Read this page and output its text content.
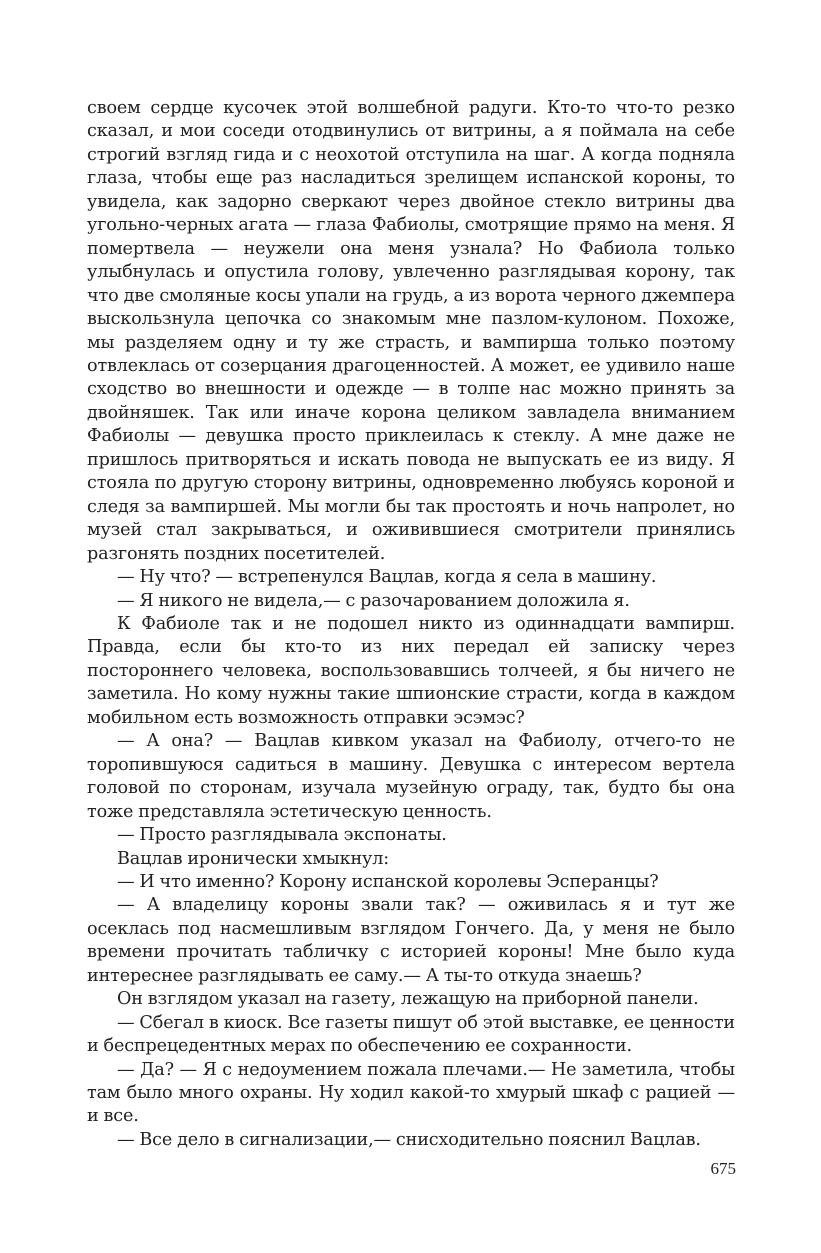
своем сердце кусочек этой волшебной радуги. Кто-то что-то резко сказал, и мои соседи отодвинулись от витрины, а я поймала на себе строгий взгляд гида и с неохотой отступила на шаг. А когда подняла глаза, чтобы еще раз насладиться зрелищем испанской короны, то увидела, как задорно сверкают через двойное стекло витрины два угольно-черных агата — глаза Фабиолы, смотрящие прямо на меня. Я помертвела — неужели она меня узнала? Но Фабиола только улыбнулась и опустила голову, увлеченно разглядывая корону, так что две смоляные косы упали на грудь, а из ворота черного джемпера выскользнула цепочка со знакомым мне пазлом-кулоном. Похоже, мы разделяем одну и ту же страсть, и вампирша только поэтому отвлеклась от созерцания драгоценностей. А может, ее удивило наше сходство во внешности и одежде — в толпе нас можно принять за двойняшек. Так или иначе корона целиком завладела вниманием Фабиолы — девушка просто приклеилась к стеклу. А мне даже не пришлось притворяться и искать повода не выпускать ее из виду. Я стояла по другую сторону витрины, одновременно любуясь короной и следя за вампиршей. Мы могли бы так простоять и ночь напролет, но музей стал закрываться, и оживившиеся смотрители принялись разгонять поздних посетителей.

— Ну что? — встрепенулся Вацлав, когда я села в машину.

— Я никого не видела,— с разочарованием доложила я.

К Фабиоле так и не подошел никто из одиннадцати вампирш. Правда, если бы кто-то из них передал ей записку через постороннего человека, воспользовавшись толчеей, я бы ничего не заметила. Но кому нужны такие шпионские страсти, когда в каждом мобильном есть возможность отправки эсэмэс?

— А она? — Вацлав кивком указал на Фабиолу, отчего-то не торопившуюся садиться в машину. Девушка с интересом вертела головой по сторонам, изучала музейную ограду, так, будто бы она тоже представляла эстетическую ценность.

— Просто разглядывала экспонаты.

Вацлав иронически хмыкнул:

— И что именно? Корону испанской королевы Эсперанцы?

— А владелицу короны звали так? — оживилась я и тут же осеклась под насмешливым взглядом Гончего. Да, у меня не было времени прочитать табличку с историей короны! Мне было куда интереснее разглядывать ее саму.— А ты-то откуда знаешь?

Он взглядом указал на газету, лежащую на приборной панели.

— Сбегал в киоск. Все газеты пишут об этой выставке, ее ценности и беспрецедентных мерах по обеспечению ее сохранности.

— Да? — Я с недоумением пожала плечами.— Не заметила, чтобы там было много охраны. Ну ходил какой-то хмурый шкаф с рацией — и все.

— Все дело в сигнализации,— снисходительно пояснил Вацлав.

675
